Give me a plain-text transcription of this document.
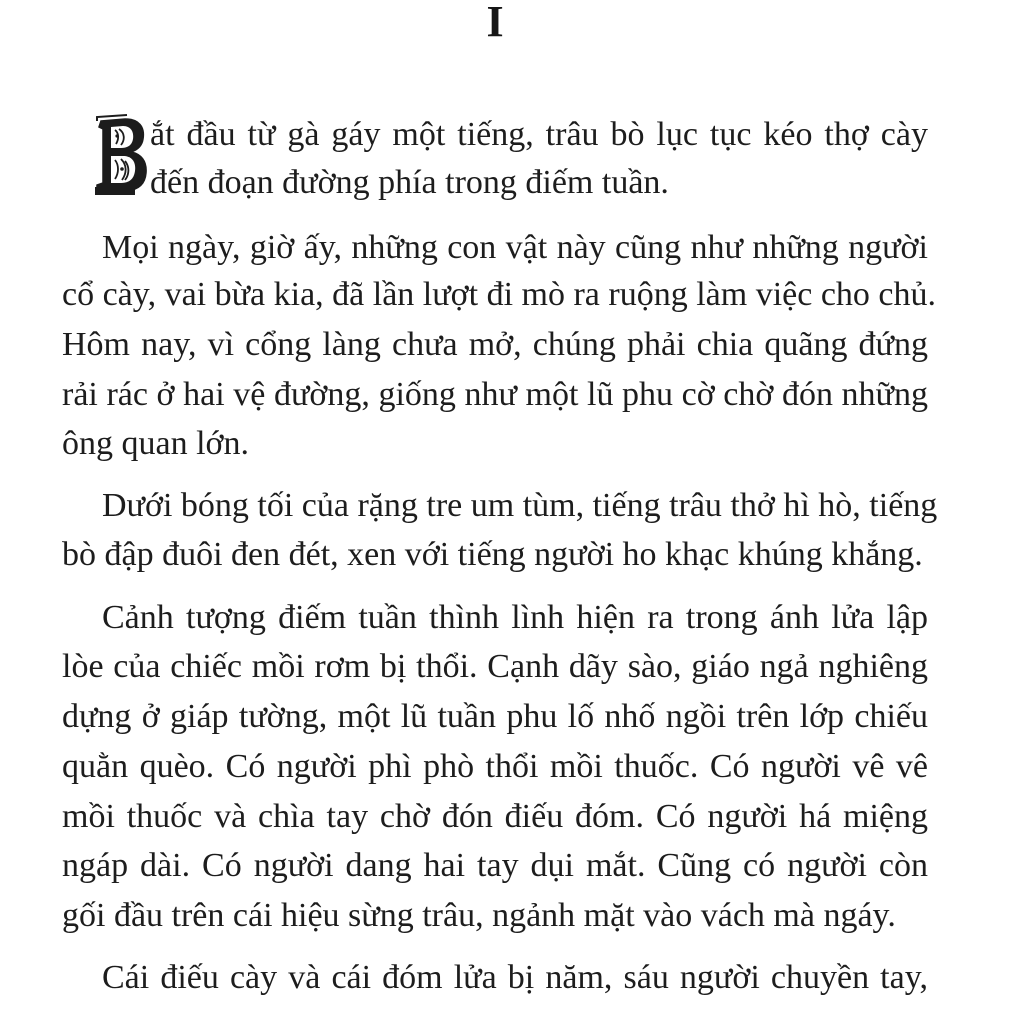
I
ắt đầu từ gà gáy một tiếng, trâu bò lục tục kéo thợ cày
đến đoạn đường phía trong điếm tuần.
Mọi ngày, giờ ấy, những con vật này cũng như những người
cổ cày, vai bừa kia, đã lần lượt đi mò ra ruộng làm việc cho chủ.
Hôm nay, vì cổng làng chưa mở, chúng phải chia quãng đứng
rải rác ở hai vệ đường, giống như một lũ phu cờ chờ đón những
ông quan lớn.
Dưới bóng tối của rặng tre um tùm, tiếng trâu thở hì hò, tiếng
bò đập đuôi đen đét, xen với tiếng người ho khạc khúng khắng.
Cảnh tượng điếm tuần thình lình hiện ra trong ánh lửa lập
lòe của chiếc mồi rơm bị thổi. Cạnh dãy sào, giáo ngả nghiêng
dựng ở giáp tường, một lũ tuần phu lố nhố ngồi trên lớp chiếu
quằn quèo. Có người phì phò thổi mồi thuốc. Có người vê vê
mồi thuốc và chìa tay chờ đón điếu đóm. Có người há miệng
ngáp dài. Có người dang hai tay dụi mắt. Cũng có người còn
gối đầu trên cái hiệu sừng trâu, ngảnh mặt vào vách mà ngáy.
Cái điếu cày và cái đóm lửa bị năm, sáu người chuyền tay,
